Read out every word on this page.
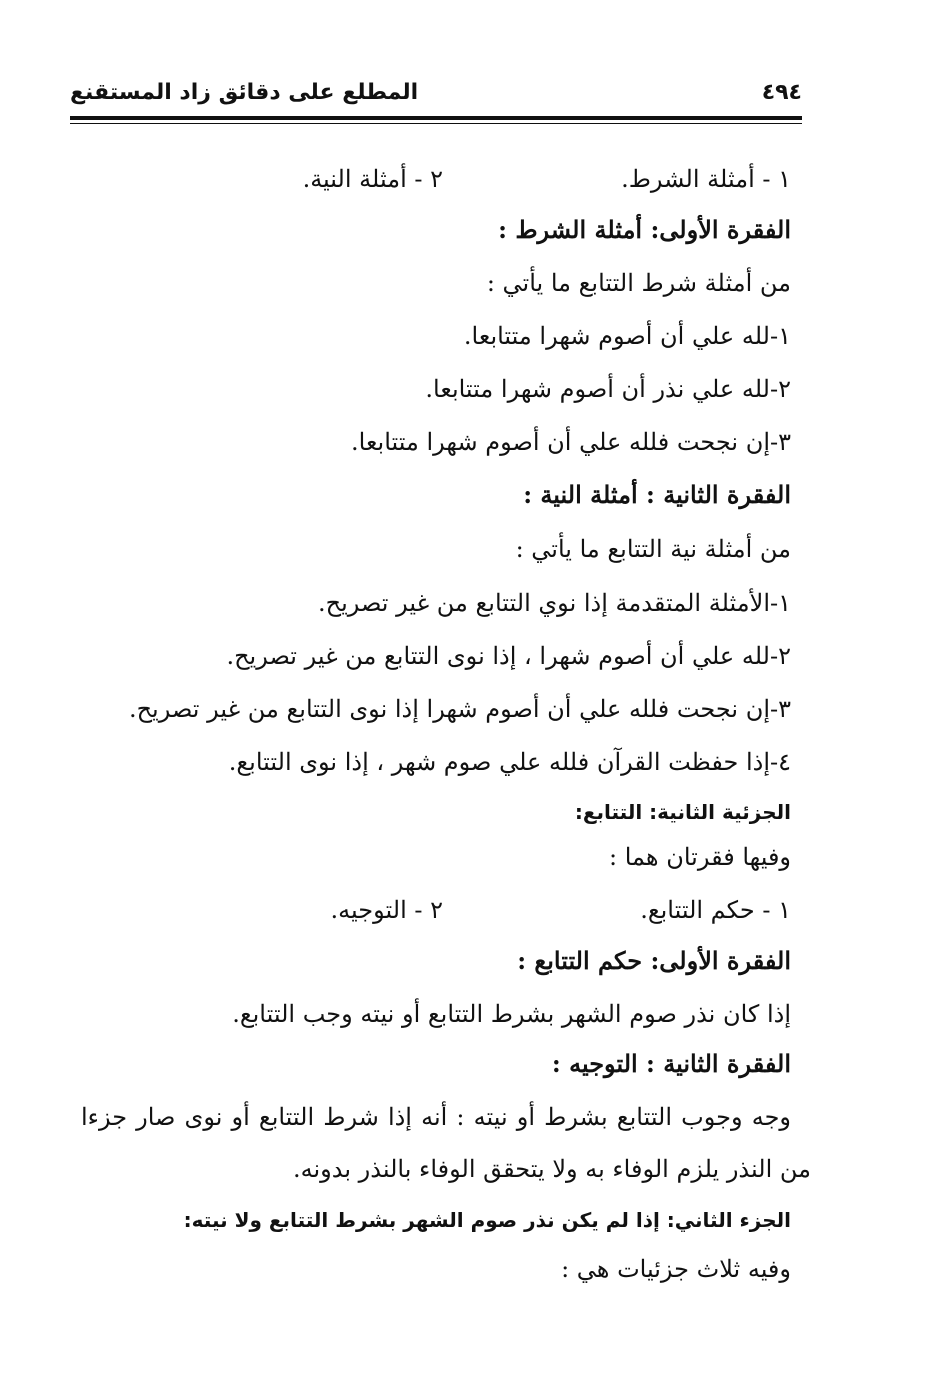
٤٩٤
المطلع على دقائق زاد المستقنع
١ - أمثلة الشرط.
٢ - أمثلة النية.
الفقرة الأولى: أمثلة الشرط :
من أمثلة شرط التتابع ما يأتي :
١-لله علي أن أصوم شهرا متتابعا.
٢-لله علي نذر أن أصوم شهرا متتابعا.
٣-إن نجحت فلله علي أن أصوم شهرا متتابعا.
الفقرة الثانية : أمثلة النية :
من أمثلة نية التتابع ما يأتي :
١-الأمثلة المتقدمة إذا نوي التتابع من غير تصريح.
٢-لله علي أن أصوم شهرا ، إذا نوى التتابع من غير تصريح.
٣-إن نجحت فلله علي أن أصوم شهرا إذا نوى التتابع من غير تصريح.
٤-إذا حفظت القرآن فلله علي صوم شهر ، إذا نوى التتابع.
الجزئية الثانية: التتابع:
وفيها فقرتان هما :
١ - حكم التتابع.
٢ - التوجيه.
الفقرة الأولى: حكم التتابع :
إذا كان نذر صوم الشهر بشرط التتابع أو نيته وجب التتابع.
الفقرة الثانية : التوجيه :
وجه وجوب التتابع بشرط أو نيته : أنه إذا شرط التتابع أو نوى صار جزءا
من النذر يلزم الوفاء به ولا يتحقق الوفاء بالنذر بدونه.
الجزء الثاني: إذا لم يكن نذر صوم الشهر بشرط التتابع ولا نيته:
وفيه ثلاث جزئيات هي :
